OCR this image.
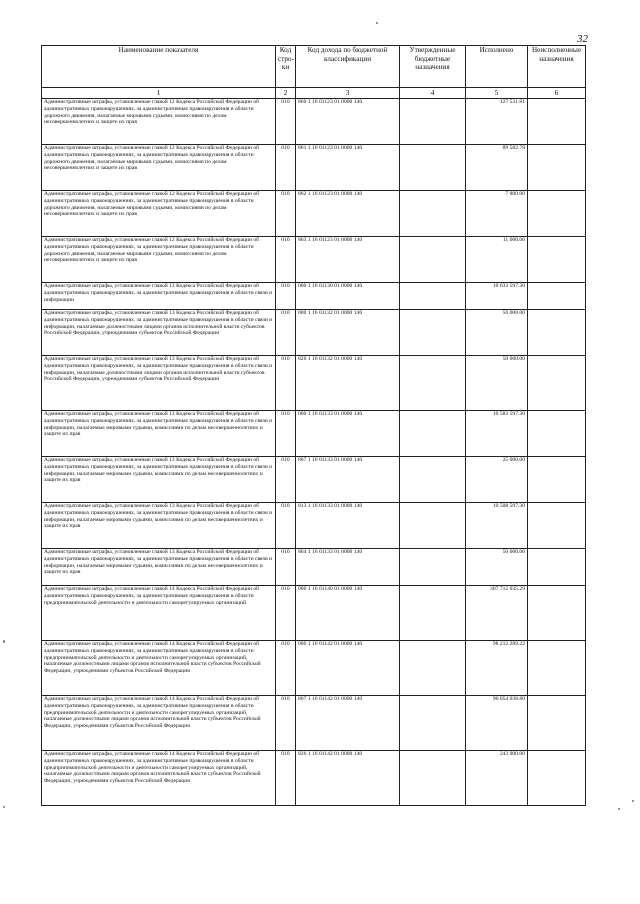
32
Наименование показателя	Код стро-ки	Код дохода по бюджетной классификации	Утвержденные бюджетные назначения	Исполнено	Неисполненные назначения
1	2	3	4	5	6
Административные штрафы, установленные главой 12 Кодекса Российской Федерации об административных правонарушениях, за административные правонарушения в области дорожного движения, налагаемые мировыми судьями, комиссиями по делам несовершеннолетних и защите их прав	010	860 1 16 01123 01 0000 140		127 531.81	
Административные штрафы, установленные главой 12 Кодекса Российской Федерации об административных правонарушениях, за административные правонарушения в области дорожного движения, налагаемые мировыми судьями, комиссиями по делам несовершеннолетних и защите их прав	010	861 1 16 01123 01 0000 140		89 582.78	
Административные штрафы, установленные главой 12 Кодекса Российской Федерации об административных правонарушениях, за административные правонарушения в области дорожного движения, налагаемые мировыми судьями, комиссиями по делам несовершеннолетних и защите их прав	010	862 1 16 01123 01 0000 140		7 800.00	
Административные штрафы, установленные главой 12 Кодекса Российской Федерации об административных правонарушениях, за административные правонарушения в области дорожного движения, налагаемые мировыми судьями, комиссиями по делам несовершеннолетних и защите их прав	010	863 1 16 01123 01 0000 140		11 000.00	
Административные штрафы, установленные главой 13 Кодекса Российской Федерации об административных правонарушениях, за административные правонарушения в области связи и информации	010	000 1 16 01130 01 0000 140		10 633 597.30	
Административные штрафы, установленные главой 13 Кодекса Российской Федерации об административных правонарушениях, за административные правонарушения в области связи и информации, налагаемые должностными лицами органов исполнительной власти субъектов Российской Федерации, учреждениями субъектов Российской Федерации	010	000 1 16 01132 01 0000 140		50 000.00	
Административные штрафы, установленные главой 13 Кодекса Российской Федерации об административных правонарушениях, за административные правонарушения в области связи и информации, налагаемые должностными лицами органов исполнительной власти субъектов Российской Федерации, учреждениями субъектов Российской Федерации	010	826 1 16 01132 01 0000 140		50 000.00	
Административные штрафы, установленные главой 13 Кодекса Российской Федерации об административных правонарушениях, за административные правонарушения в области связи и информации, налагаемые мировыми судьями, комиссиями по делам несовершеннолетних и защите их прав	010	000 1 16 01133 01 0000 140		10 583 597.30	
Административные штрафы, установленные главой 13 Кодекса Российской Федерации об административных правонарушениях, за административные правонарушения в области связи и информации, налагаемые мировыми судьями, комиссиями по делам несовершеннолетних и защите их прав	010	807 1 16 01133 01 0000 140		25 000.00	
Административные штрафы, установленные главой 13 Кодекса Российской Федерации об административных правонарушениях, за административные правонарушения в области связи и информации, налагаемые мировыми судьями, комиссиями по делам несовершеннолетних и защите их прав	010	813 1 16 01133 01 0000 140		10 508 597.30	
Административные штрафы, установленные главой 13 Кодекса Российской Федерации об административных правонарушениях, за административные правонарушения в области связи и информации, налагаемые мировыми судьями, комиссиями по делам несовершеннолетних и защите их прав	010	864 1 16 01133 01 0000 140		50 000.00	
Административные штрафы, установленные главой 14 Кодекса Российской Федерации об административных правонарушениях, за административные правонарушения в области предпринимательской деятельности и деятельности саморегулируемых организаций	010	000 1 16 01140 01 0000 140		307 712 035.29	
Административные штрафы, установленные главой 14 Кодекса Российской Федерации об административных правонарушениях, за административные правонарушения в области предпринимательской деятельности и деятельности саморегулируемых организаций, налагаемые должностными лицами органов исполнительной власти субъектов Российской Федерации, учреждениями субъектов Российской Федерации	010	000 1 16 01142 01 0000 140		98 212 289.22	
Административные штрафы, установленные главой 14 Кодекса Российской Федерации об административных правонарушениях, за административные правонарушения в области предпринимательской деятельности и деятельности саморегулируемых организаций, налагаемые должностными лицами органов исполнительной власти субъектов Российской Федерации, учреждениями субъектов Российской Федерации	010	807 1 16 01142 01 0000 140		96 054 038.80	
Административные штрафы, установленные главой 14 Кодекса Российской Федерации об административных правонарушениях, за административные правонарушения в области предпринимательской деятельности и деятельности саморегулируемых организаций, налагаемые должностными лицами органов исполнительной власти субъектов Российской Федерации, учреждениями субъектов Российской Федерации	010	826 1 16 01142 01 0000 140		243 000.00	
